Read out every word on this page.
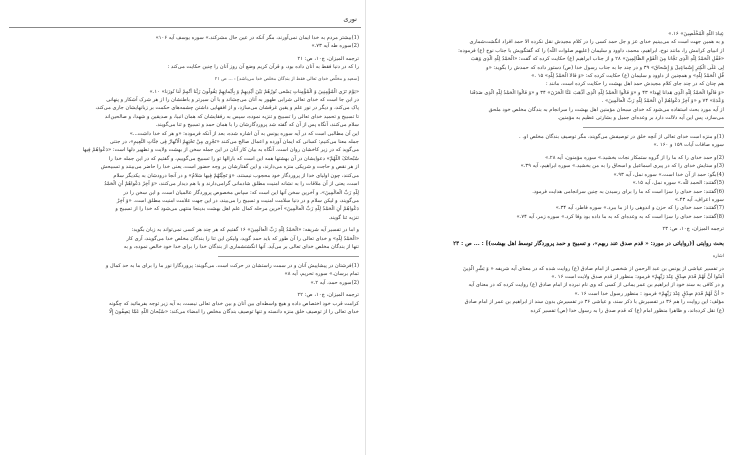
نوری
(1)بیشتر مردم به خدا ایمان نمی‌آورند، مگر آنکه در عین حال مشرکند.» سوره یوسف آیه ۱۰۶»
(2)سوره طه آیه ۷۳.»
ترجمه المیزان، ج۱۰، ص: ۲۱
را که در دنیا فقط به آنان داده بود، و قرآن کریم وضع آن روز آنان را چنین حکایت می‌کند :
[سعید و مخلّص خدای تعالی فقط از بندگان مخلص خدا می‌باشد] : ... ص ۲۱
«یَوْمَ تَرَی الْمُؤْمِنِینَ وَ الْمُؤْمِناتِ یَسْعی نُورُهُمْ بَیْنَ أَیْدِیهِمْ وَ بِأَیْمانِهِمْ یَقُولُونَ رَبَّنا أَتْمِمْ لَنا نُورَنا» ۱۰.»
در این جا است که خدای تعالی شرابی طهور به آنان می‌چشاند و با آن سیرتر و باطنشان را از هر شرک آشکار و پنهانی
پاک می‌کند، و دیگر در نور علم و یقین غرقشان می‌سازد، و از افقهایی داشتن چشمه‌های حکمت بر زبانهایشان جاری می‌کند،
تا تسبیح و تحمید خدای تعالی را تسبیح و تنزیه نموده، سپس به رفقایشان که همان انبیا، و صدیقین و شهدا، و صالحین‌اند
سلام می‌کنند، آنگاه پس از آن که گفته شد پروردگارشان را با همان حمد و تسبیح و ثنا می‌گویند.
این آن مطالبی است که در آیه سوره یونس به آن اشاره شده، بعد از آنکه فرموده: «و هر که خدا داشت...»
جمله معنا می‌کنیم: کسانی که ایمان آورده و اعمال صالح می‌کنند «تَجْرِی مِنْ تَحْتِهِمُ الْأَنْهارُ فِی جَنَّاتِ النَّعِیمِ»، در جنتی
می‌گوید که در زیر کاخشان روان است. آنگاه به بیان کار آنان در این جمله سخن از بهشت ولایت و تطهیر دلها است: «دَعْواهُمْ فِیها
سُبْحانَکَ اللَّهُمَّ» دعوایشان در آن بهشتها همه این است که بارالها تو را تسبیح می‌گوییم، و گفتیم که در این جمله خدا را
از هر نقص و حاجت و شریکی منزه می‌دارند، و این گفتارشان بر وجه حضور است، یعنی خدا را حاضر می‌بینند و تسبیحش
می‌کنند، چون اولیای خدا از پروردگار خود محجوب نیستند، «وَ تَحِیَّتُهُمْ فِیها سَلامٌ» و در آنجا درودشان به یکدیگر سلام
است، یعنی از آن ملاقات را به نشانه امنیت مطلق شادمانی گرامی‌دارند و با هم دیدار می‌کنند، «وَ آخِرُ دَعْواهُمْ أَنِ الْحَمْدُ
لِلَّهِ رَبِّ الْعالَمِینَ»، و آخرین سخن آنها این است که: سپاس مخصوص پروردگار عالمیان است، و این سخن را در
می‌گویند، و لیکن سلام و در دنیا سلامت امنیت و تسبیح را می‌بیند، در این جهت علامت امنیت مطلق است. «وَ آخِرُ
دَعْواهُمْ أَنِ الْحَمْدُ لِلَّهِ رَبِّ الْعالَمِینَ» آخرین مرحله کمال علم اهل بهشت بدینجا منتهی می‌شود که خدا را از تسبیح و
تنزیه ثنا گویند.
و اما در تفسیر آیه شریفه: «الْحَمْدُ لِلَّهِ رَبِّ الْعالَمِینَ» ۱۶ گفتیم که هر چند هر کسی نمی‌تواند به زبان بگوید:
«الْحَمْدُ لِلَّهِ» و خدای تعالی را آن طور که باید حمد گوید، ولیکن این ثنا را بندگان مخلص خدا می‌گویند، آری کار
تنها از بندگان مخلص خدای تعالی بر می‌آید. آنها انگشتشماری از بندگان خدا را برای خدا خود خالص نموده، و به
(1)فرشتان در پیشاپیش آنان و در سمت راستشان در حرکت است. می‌گویند: پروردگارا نور ما را برای ما به حد کمال و
تمام برسان.» سوره تحریم، آیه ۸»
(2)سوره حمد، آیه ۲.»
ترجمه المیزان، ج۱۰، ص: ۲۲
کرامت قرب خود اختصاص داده و هیچ واسطه‌ای بین آنان و بین خدای تعالی نیست، به آیه زیر توجه بفرمائید که چگونه
خدای تعالی را از توصیف خلق منزه دانسته و تنها توصیف بندگان مخلص را امضاء می‌کند: «سُبْحانَ اللَّهِ عَمَّا یَصِفُونَ إِلَّا
عِبادَ اللَّهِ الْمُخْلَصِینَ» ۱۶.»
و به همین جهت است که می‌بینیم خدای عز و جل حمد کسی را در کلام مجیدش نقل نکرده الا حمد افراد انگشت‌شماری
از انبیای کرامش را، مانند نوح، ابراهیم، محمد، داوود و سلیمان (علیهم صلوات اللَّه) را که گفتگویش با جناب نوح (ع) فرموده:
«فَقُلِ الْحَمْدُ لِلَّهِ الَّذِی نَجَّانا مِنَ الْقَوْمِ الظَّالِمِینَ» ۲۸ و از جناب ابراهیم (ع) حکایت کرده که گفت: «الْحَمْدُ لِلَّهِ الَّذِی وَهَبَ
لِی عَلَی الْکِبَرِ إِسْماعِیلَ وَ إِسْحاقَ» ۳۹ و در چند جا به جناب رسول خدا (ص) دستور داده که حمدش را بگوید: «و
قُلِ الْحَمْدُ لِلَّهِ» و همچنین از داوود و سلیمان (ع) حکایت کرده که: «وَ قالا الْحَمْدُ لِلَّهِ» ۱۵ .»
هم چنان که در چند جای کلام مجیدش حمد اهل بهشت را حکایت کرده است، مانند :
«وَ قالُوا الْحَمْدُ لِلَّهِ الَّذِی هَدانا لِهذا» ۴۳ و «وَ قالُوا الْحَمْدُ لِلَّهِ الَّذِی أَذْهَبَ عَنَّا الْحَزَنَ» ۳۴ و «وَ قالُوا الْحَمْدُ لِلَّهِ الَّذِی صَدَقَنا
وَعْدَهُ» ۷۴ و «وَ آخِرُ دَعْواهُمْ أَنِ الْحَمْدُ لِلَّهِ رَبِّ الْعالَمِینَ» .
از آیه مورد بحث استفاده می‌شود که خدای سبحان مؤمنین اهل بهشت را سرانجام به بندگان مخلص خود ملحق
می‌سازد، پس این آیه دلالت دارد بر وعده‌ای جمیل و بشارتی عظیم به مؤمنین.
(1)و منزه است خدای تعالی از آنچه خلق در توصیفش می‌گویند، مگر توصیف بندگان مخلص او. .
سوره صافات آیات ۱۵۹ و ۱۶۰ .»
(2)و حمد خدای را که ما را از گروه ستمکار نجات بخشید.» سوره مؤمنون، آیه ۲۸.»
(3)و ستایش خدای را که در پیری اسماعیل و اسحاق را به من بخشید.» سوره ابراهیم، آیه ۳۹.»
(4)بگو: حمد از آن خدا است.» سوره نمل، آیه ۹۳.»
(5)گفتند: الحمد للَّه.» سوره نمل، آیه ۱۵.»
(6)گفتند: حمد خدای را سزا است که ما را برای رسیدن به چنین سرانجامی هدایت فرمود.
سوره اعراف، آیه ۴۳.»
(7)گفتند: حمد خدای را که حزن و اندوهی را از ما ببرد.» سوره فاطر، آیه ۳۴.»
(8)گفتند: حمد خدای را سزا است که به وعده‌ای که به ما داده بود وفا کرد.» سوره زمر، آیه ۷۴.»
ترجمه المیزان، ج۱۰، ص: ۲۳
بحث روایتی [(روایاتی در مورد: « قدم صدق عند ربهم»، و تسبیح و حمد پروردگار توسط اهل بهشت)] : ... ص : ۲۳
اشاره
در تفسیر عیاشی از یونس بن عبد الرحمن از شخصی از امام صادق (ع) روایت شده که در معنای آیه شریفه « وَ بَشِّرِ الَّذِینَ
آمَنُوا أَنَّ لَهُمْ قَدَمَ صِدْقٍ عِنْدَ رَبِّهِمْ» فرمود: منظور از قدم صدق ولایت است ۱۶ .»
و در کافی به سند خود از ابراهیم بن عمر یمانی از کسی که وی نام نبرده از امام صادق (ع) روایت کرده که در معنای آیه
« أَنَّ لَهُمْ قَدَمَ صِدْقٍ عِنْدَ رَبِّهِمْ» فرمود : منظور رسول خدا است ۱۶ .»
مؤلف: این روایت را هم ۳۶ در تفسیرش با ذکر سند، و عیاشی ۳۶ در تفسیرش بدون سند از ابراهیم بن عمر از امام صادق
(ع) نقل کرده‌اند، و ظاهرا منظور امام (ع) که قدم صدق را به رسول خدا (ص) تفسیر کرده
